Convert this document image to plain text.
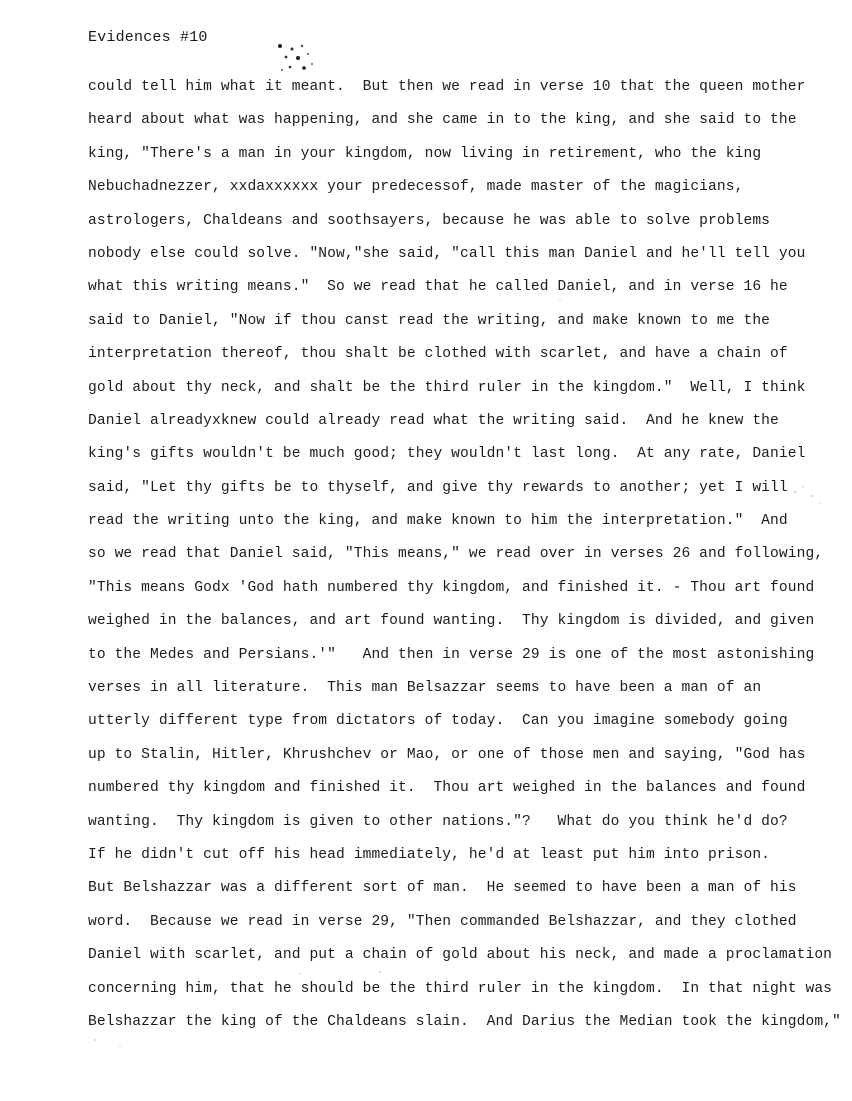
Evidences #10
could tell him what it meant.  But then we read in verse 10 that the queen mother
heard about what was happening, and she came in to the king, and she said to the
king, "There's a man in your kingdom, now living in retirement, who the king
Nebuchadnezzer, xxdaxxxxxx your predecessof, made master of the magicians,
astrologers, Chaldeans and soothsayers, because he was able to solve problems
nobody else could solve. "Now,"she said, "call this man Daniel and he'll tell you
what this writing means."  So we read that he called Daniel, and in verse 16 he
said to Daniel, "Now if thou canst read the writing, and make known to me the
interpretation thereof, thou shalt be clothed with scarlet, and have a chain of
gold about thy neck, and shalt be the third ruler in the kingdom."  Well, I think
Daniel alreadyxknew could already read what the writing said.  And he knew the
king's gifts wouldn't be much good; they wouldn't last long.  At any rate, Daniel
said, "Let thy gifts be to thyself, and give thy rewards to another; yet I will
read the writing unto the king, and make known to him the interpretation."  And
so we read that Daniel said, "This means," we read over in verses 26 and following,
"This means Godx 'God hath numbered thy kingdom, and finished it. - Thou art found
weighed in the balances, and art found wanting.  Thy kingdom is divided, and given
to the Medes and Persians.'"   And then in verse 29 is one of the most astonishing
verses in all literature.  This man Belsazzar seems to have been a man of an
utterly different type from dictators of today.  Can you imagine somebody going
up to Stalin, Hitler, Khrushchev or Mao, or one of those men and saying, "God has
numbered thy kingdom and finished it.  Thou art weighed in the balances and found
wanting.  Thy kingdom is given to other nations."?   What do you think he'd do?
If he didn't cut off his head immediately, he'd at least put him into prison.
But Belshazzar was a different sort of man.  He seemed to have been a man of his
word.  Because we read in verse 29, "Then commanded Belshazzar, and they clothed
Daniel with scarlet, and put a chain of gold about his neck, and made a proclamation
concerning him, that he should be the third ruler in the kingdom.  In that night was
Belshazzar the king of the Chaldeans slain.  And Darius the Median took the kingdom,"
